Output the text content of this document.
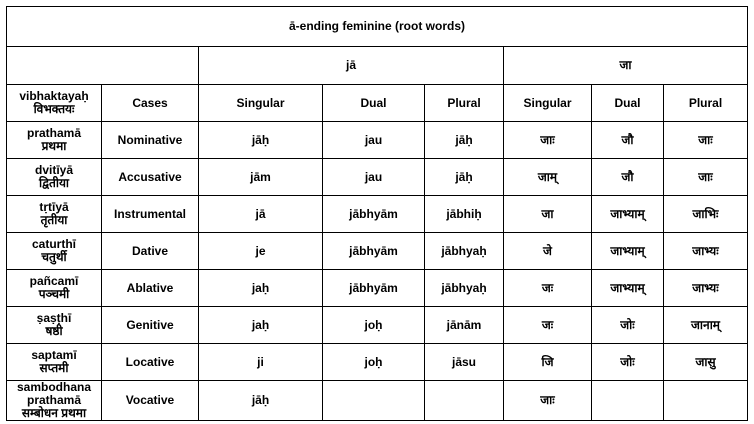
ā-ending feminine (root words)							
		jā			जा		

vibhaktayaḥ
विभक्तयः	Cases	Singular	Dual	Plural	Singular	Dual	Plural

prathamā
प्रथमा	Nominative	jāḥ	jau	jāḥ	जाः	जौ	जाः

dvitīyā
द्वितीया	Accusative	jām	jau	jāḥ	जाम्	जौ	जाः

tṛtīyā
तृतीया	Instrumental	jā	jābhyām	jābhiḥ	जा	जाभ्याम्	जाभिः

caturthī
चतुर्थी	Dative	je	jābhyām	jābhyaḥ	जे	जाभ्याम्	जाभ्यः

pañcamī
पञ्चमी	Ablative	jaḥ	jābhyām	jābhyaḥ	जः	जाभ्याम्	जाभ्यः

ṣaṣṭhī
षष्ठी	Genitive	jaḥ	joḥ	jānām	जः	जोः	जानाम्

saptamī
सप्तमी	Locative	ji	joḥ	jāsu	जि	जोः	जासु

sambodhana
prathamā
सम्बोधन प्रथमा	Vocative	jāḥ			जाः		
